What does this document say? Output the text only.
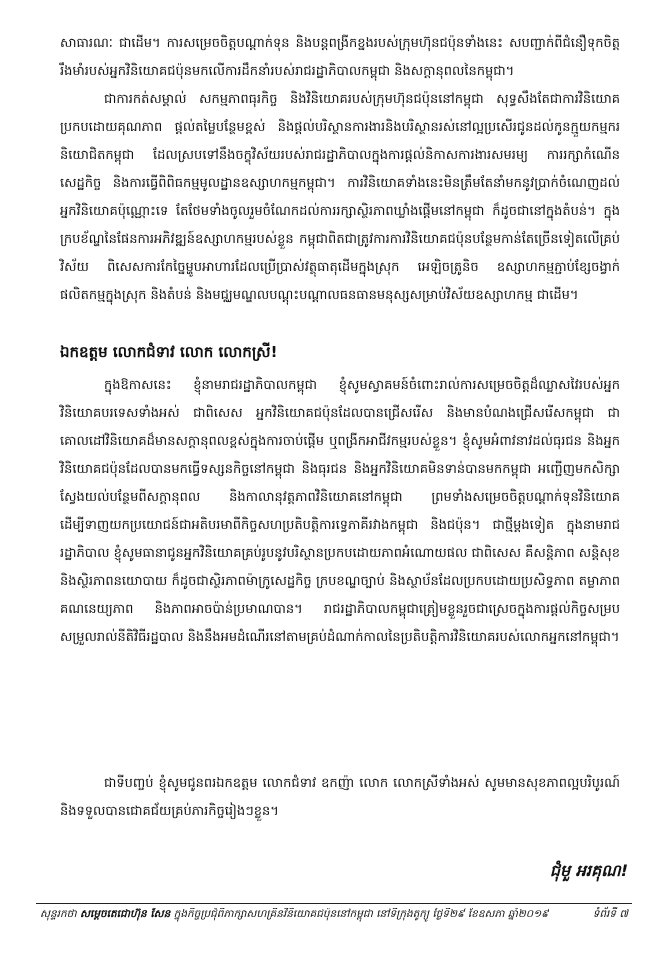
សាធារណៈ ជាដើម។ ការសម្រេចចិត្តបណ្ដាក់ទុន និងបន្តពង្រីកខ្នងរបស់ក្រុមហ៊ុនជប៉ុនទាំងនេះ សបញ្ជាក់ពីជំនឿទុកចិត្តរឹងមាំរបស់អ្នកវិនិយោគជប៉ុនមកលើការដឹកនាំរបស់រាជរដ្ឋាភិបាលកម្ពុជា និងសក្ដានុពលនៃកម្ពុជា។

ជាការកត់សម្គាល់ សកម្មភាពធុរកិច្ច និងវិនិយោគរបស់ក្រុមហ៊ុនជប៉ុននៅកម្ពុជា សុទ្ធសឹងតែជាការវិនិយោគប្រកបដោយគុណភាព ផ្ដល់តម្លៃបន្ថែមខ្ពស់ និងផ្ដល់បរិស្ថានការងារនិងបរិស្ថានរស់នៅល្អប្រសើរជូនដល់កូនក្មួយកម្មករ និយោជិតកម្ពុជា ដែលស្របទៅនឹងចក្ខុវិស័យរបស់រាជរដ្ឋាភិបាលក្នុងការផ្ដល់និកាសការងារសមរម្យ ការរក្សាកំណើនសេដ្ឋកិច្ច និងការធ្វើពិពិធកម្មមូលដ្ឋានឧស្សាហកម្មកម្ពុជា។ ការវិនិយោគទាំងនេះមិនត្រឹមតែនាំមកនូវប្រាក់ចំណេញដល់អ្នកវិនិយោគប៉ុណ្ណោះទេ តែថែមទាំងចូលរួមចំណែកដល់ការរក្សាស្ថិរភាពឃ្លាំងផ្ដើមនៅកម្ពុជា ក៏ដូចជានៅក្នុងតំបន់។ ក្នុងក្របខ័ណ្ឌនៃផែនការអភិវឌ្ឍន៍ឧស្សាហកម្មរបស់ខ្លួន កម្ពុជាពិតជាត្រូវការការវិនិយោគជប៉ុនបន្ថែមកាន់តែច្រើនទៀតលើគ្រប់វិស័យ ពិសេសការកែច្នៃម្ហូបអាហារដែលប្រើប្រាស់វត្ថុធាតុដើមក្នុងស្រុក អេឡិចត្រូនិច ឧស្សាហកម្មភ្ជាប់ខ្សែចង្វាក់ផលិតកម្មក្នុងស្រុក និងតំបន់ និងមជ្ឈមណ្ឌលបណ្ដុះបណ្ដាលធនធានមនុស្សសម្រាប់វិស័យឧស្សាហកម្ម ជាដើម។

ឯកឧត្តម លោកជំទាវ លោក លោកស្រី!

ក្នុងឱកាសនេះ ខ្ញុំនាមរាជរដ្ឋាភិបាលកម្ពុជា ខ្ញុំសូមស្វាគមន៍ចំពោះរាល់ការសម្រេចចិត្តដ៏ឈ្លាសវៃរបស់អ្នកវិនិយោគបរទេសទាំងអស់ ជាពិសេស អ្នកវិនិយោគជប៉ុនដែលបានជ្រើសរើស និងមានបំណងជ្រើសរើសកម្ពុជា ជាគោលដៅវិនិយោគដ៏មានសក្ដានុពលខ្ពស់ក្នុងការចាប់ផ្ដើម ឬពង្រីកអាជីវកម្មរបស់ខ្លួន។ ខ្ញុំសូមអំពាវនាវដល់ធុរជន និងអ្នកវិនិយោគជប៉ុនដែលបានមកធ្វើទស្សនកិច្ចនៅកម្ពុជា និងធុរជន និងអ្នកវិនិយោគមិនទាន់បានមកកម្ពុជា អញ្ជើញមកសិក្សាស្វែងយល់បន្ថែមពីសក្ដានុពល និងកាលានុវត្តភាពវិនិយោគនៅកម្ពុជា ព្រមទាំងសម្រេចចិត្តបណ្ដាក់ទុនវិនិយោគ ដើម្បីទាញយកប្រយោជន៍ជាអតិបរមាពីកិច្ចសហប្រតិបត្តិការទ្វេភាគីរវាងកម្ពុជា និងជប៉ុន។ ជាថ្មីម្ដងទៀត ក្នុងនាមរាជរដ្ឋាភិបាល ខ្ញុំសូមធានាជូនអ្នកវិនិយោគគ្រប់រូបនូវបរិស្ថានប្រកបដោយភាពអំណោយផល ជាពិសេស គឺសន្តិភាព សន្តិសុខ និងស្ថិរភាពនយោបាយ ក៏ដូចជាស្ថិរភាពម៉ាក្រូសេដ្ឋកិច្ច ក្របខណ្ឌច្បាប់ និងស្ថាប័នដែលប្រកបដោយប្រសិទ្ធភាព តម្លាភាព គណនេយ្យភាព និងភាពអាចប៉ាន់ប្រមាណបាន។ រាជរដ្ឋាភិបាលកម្ពុជាត្រៀមខ្លួនរួចជាស្រេចក្នុងការផ្ដល់កិច្ចសម្របសម្រួលរាល់នីតិវិធីរដ្ឋបាល និងនឹងអមដំណើរនៅតាមគ្រប់ដំណាក់កាលនៃប្រតិបត្តិការវិនិយោគរបស់លោកអ្នកនៅកម្ពុជា។

ជាទីបញ្ចប់ ខ្ញុំសូមជូនពរឯកឧត្ដម លោកជំទាវ ឧកញ៉ា លោក លោកស្រីទាំងអស់ សូមមានសុខភាពល្អបរិបូរណ៍ និងទទួលបានជោគជ័យគ្រប់ភារកិច្ចរៀងៗខ្លួន។

ជុំមួ អរគុណ!

សុន្ទរកថា សម្ដេចតេជោហ៊ុន សែន ក្នុងកិច្ចប្រជុំពិភាក្សាសហគ្រិនវិនិយោគជប៉ុននៅកម្ពុជា នៅទីក្រុងតូក្យូ ថ្ងៃទី២៩ ខែឧសភា ឆ្នាំ២០១៩	ទំព័រទី ៧
